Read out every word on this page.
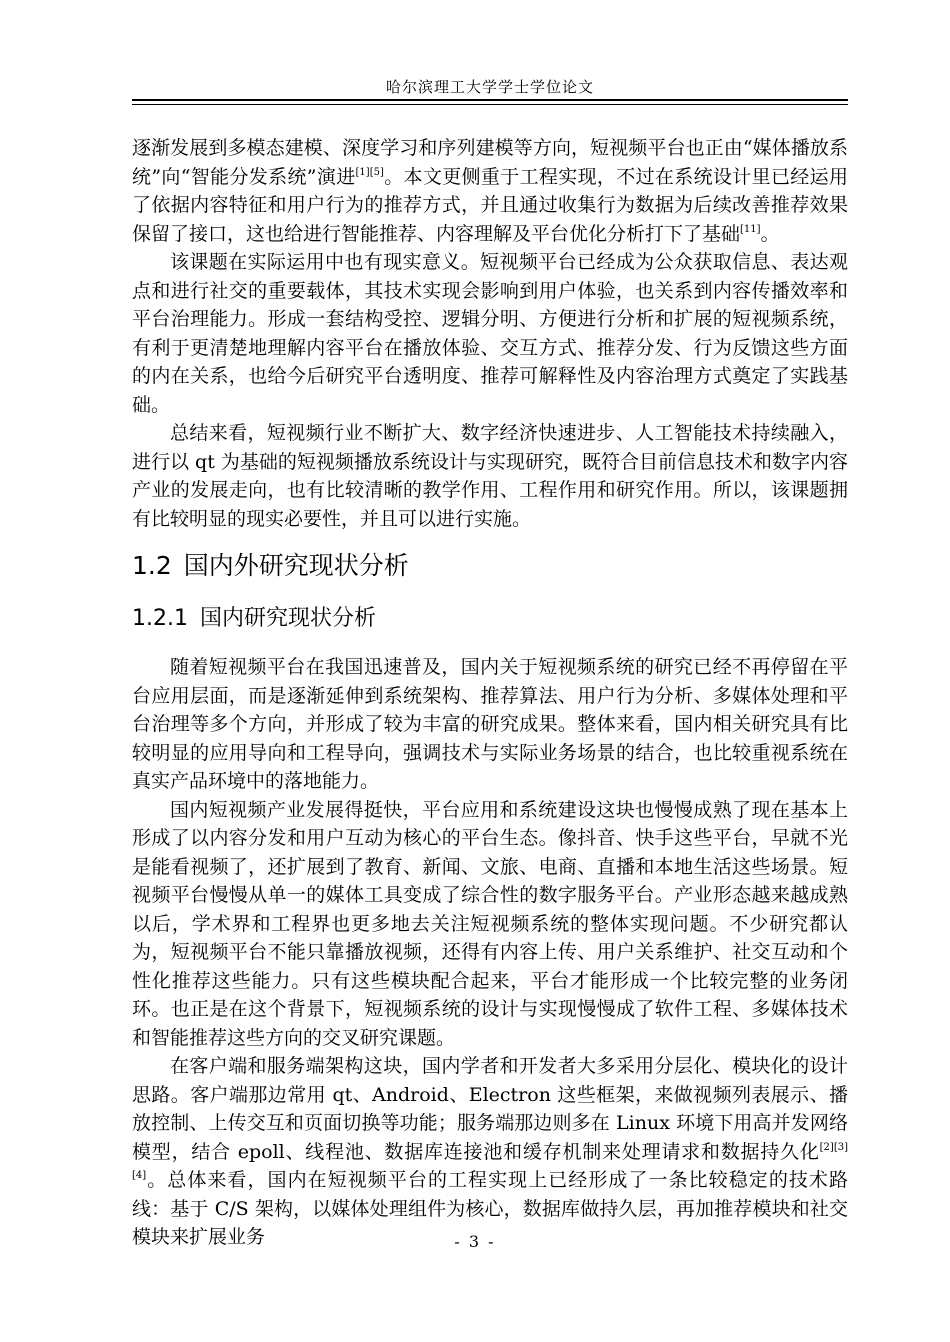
哈尔滨理工大学学士学位论文

逐渐发展到多模态建模、深度学习和序列建模等方向，短视频平台也正由“媒体播放系统”向“智能分发系统”演进[1][5]。本文更侧重于工程实现，不过在系统设计里已经运用了依据内容特征和用户行为的推荐方式，并且通过收集行为数据为后续改善推荐效果保留了接口，这也给进行智能推荐、内容理解及平台优化分析打下了基础[11]。

该课题在实际运用中也有现实意义。短视频平台已经成为公众获取信息、表达观点和进行社交的重要载体，其技术实现会影响到用户体验，也关系到内容传播效率和平台治理能力。形成一套结构受控、逻辑分明、方便进行分析和扩展的短视频系统，有利于更清楚地理解内容平台在播放体验、交互方式、推荐分发、行为反馈这些方面的内在关系，也给今后研究平台透明度、推荐可解释性及内容治理方式奠定了实践基础。

总结来看，短视频行业不断扩大、数字经济快速进步、人工智能技术持续融入，进行以 qt 为基础的短视频播放系统设计与实现研究，既符合目前信息技术和数字内容产业的发展走向，也有比较清晰的教学作用、工程作用和研究作用。所以，该课题拥有比较明显的现实必要性，并且可以进行实施。

1.2 国内外研究现状分析
1.2.1 国内研究现状分析

随着短视频平台在我国迅速普及，国内关于短视频系统的研究已经不再停留在平台应用层面，而是逐渐延伸到系统架构、推荐算法、用户行为分析、多媒体处理和平台治理等多个方向，并形成了较为丰富的研究成果。整体来看，国内相关研究具有比较明显的应用导向和工程导向，强调技术与实际业务场景的结合，也比较重视系统在真实产品环境中的落地能力。

国内短视频产业发展得挺快，平台应用和系统建设这块也慢慢成熟了现在基本上形成了以内容分发和用户互动为核心的平台生态。像抖音、快手这些平台，早就不光是能看视频了，还扩展到了教育、新闻、文旅、电商、直播和本地生活这些场景。短视频平台慢慢从单一的媒体工具变成了综合性的数字服务平台。产业形态越来越成熟以后，学术界和工程界也更多地去关注短视频系统的整体实现问题。不少研究都认为，短视频平台不能只靠播放视频，还得有内容上传、用户关系维护、社交互动和个性化推荐这些能力。只有这些模块配合起来，平台才能形成一个比较完整的业务闭环。也正是在这个背景下，短视频系统的设计与实现慢慢成了软件工程、多媒体技术和智能推荐这些方向的交叉研究课题。

在客户端和服务端架构这块，国内学者和开发者大多采用分层化、模块化的设计思路。客户端那边常用 qt、Android、Electron 这些框架，来做视频列表展示、播放控制、上传交互和页面切换等功能；服务端那边则多在 Linux 环境下用高并发网络模型，结合 epoll、线程池、数据库连接池和缓存机制来处理请求和数据持久化[2][3][4]。总体来看，国内在短视频平台的工程实现上已经形成了一条比较稳定的技术路线：基于 C/S 架构，以媒体处理组件为核心，数据库做持久层，再加推荐模块和社交模块来扩展业务	- 3 -
